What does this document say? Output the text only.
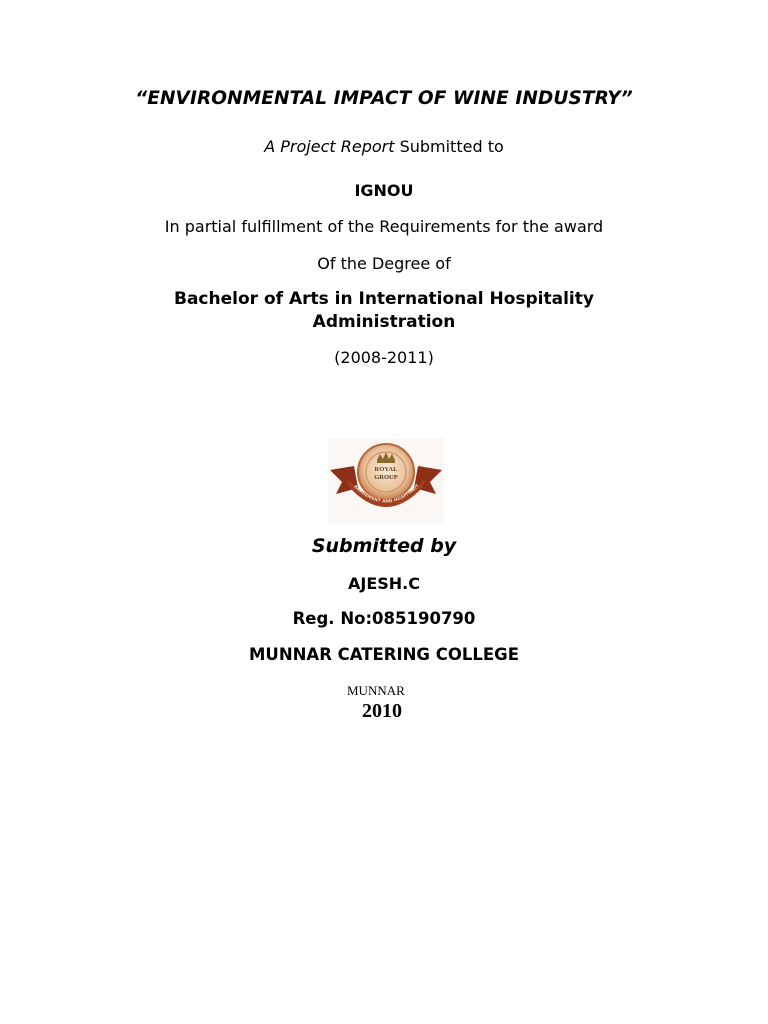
“ENVIRONMENTAL IMPACT OF WINE INDUSTRY”
A Project Report Submitted to
IGNOU
In partial fulfillment of the Requirements for the award
Of the Degree of
Bachelor of Arts in International Hospitality
Administration
(2008-2011)
ROYAL
GROUP
ANAGEMENT AND HOSPITALIT
Submitted by
AJESH.C
Reg. No:085190790
MUNNAR CATERING COLLEGE
MUNNAR
2010
